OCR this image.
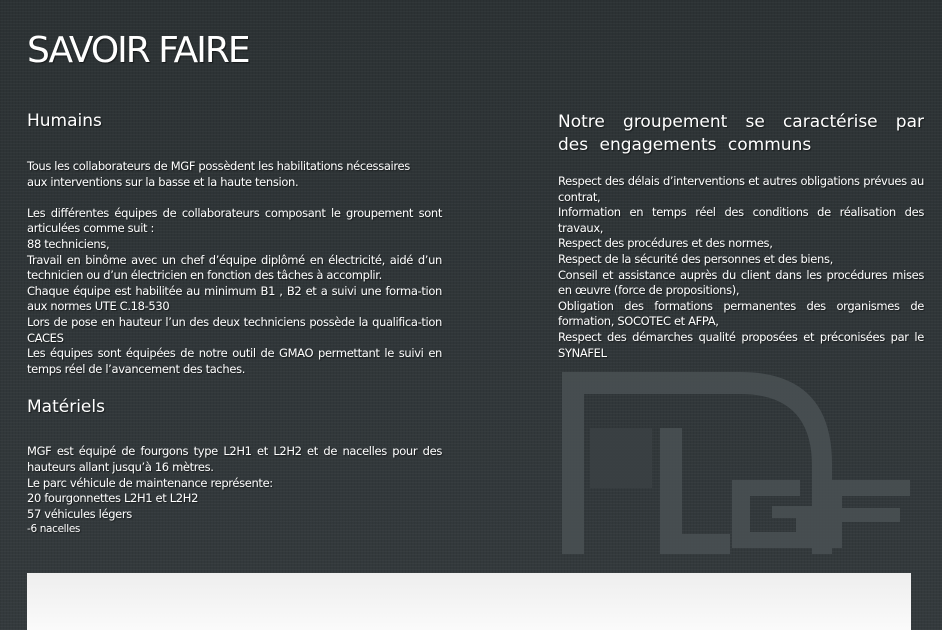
SAVOIR FAIRE
Humains

Tous les collaborateurs de MGF possèdent les habilitations nécessaires
aux interventions sur la basse et la haute tension.

Les différentes équipes de collaborateurs composant le groupement sont articulées comme suit :
88 techniciens,
Travail en binôme avec un chef d’équipe diplômé en électricité, aidé d’un technicien ou d’un électricien en fonction des tâches à accomplir.
Chaque équipe est habilitée au minimum B1 , B2 et a suivi une forma-tion aux normes UTE C.18-530
Lors de pose en hauteur l’un des deux techniciens possède la qualifica-tion CACES
Les équipes sont équipées de notre outil de GMAO permettant le suivi en temps réel de l’avancement des taches.

Matériels

MGF est équipé de fourgons type L2H1 et L2H2 et de nacelles pour des hauteurs allant jusqu’à 16 mètres.
Le parc véhicule de maintenance représente:
20 fourgonnettes L2H1 et L2H2
57 véhicules légers
-6 nacelles

Notre groupement se caractérise par des engagements communs

Respect des délais d’interventions et autres obligations prévues au contrat,
Information en temps réel des conditions de réalisation des travaux,
Respect des procédures et des normes,
Respect de la sécurité des personnes et des biens,
Conseil et assistance auprès du client dans les procédures mises en œuvre (force de propositions),
Obligation des formations permanentes des organismes de formation, SOCOTEC et AFPA,
Respect des démarches qualité proposées et préconisées par le SYNAFEL
